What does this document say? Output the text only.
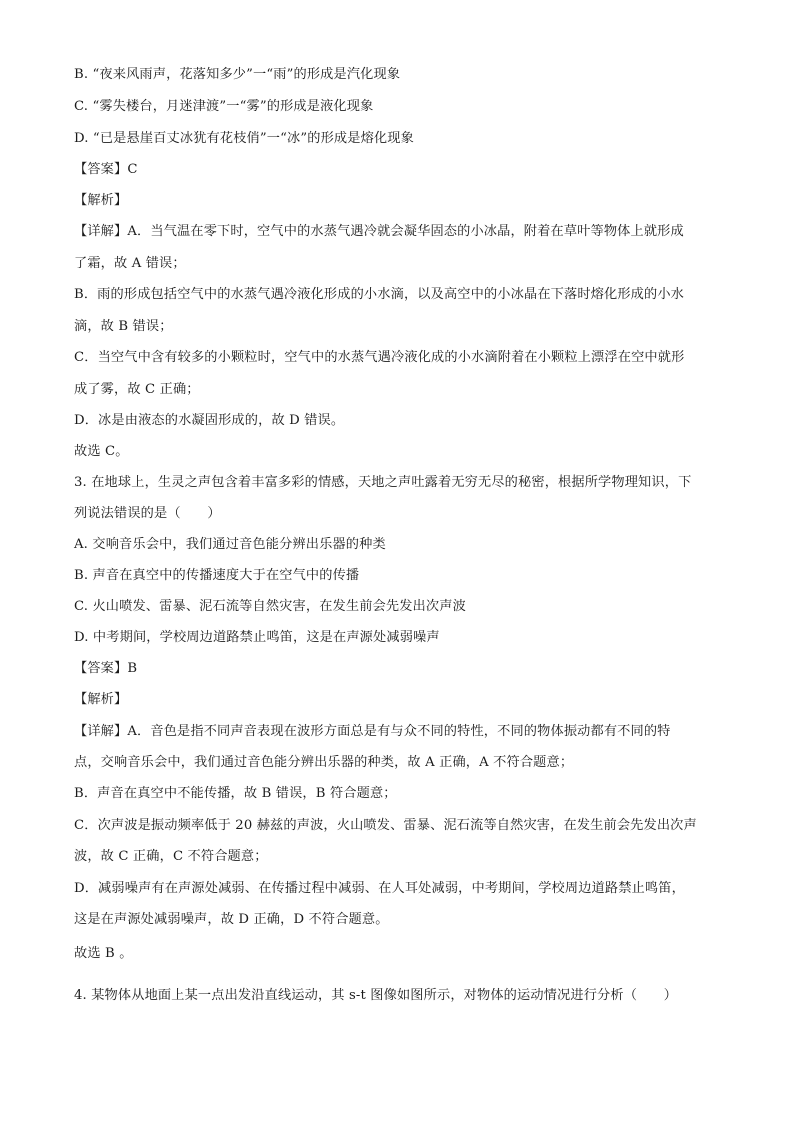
B. “夜来风雨声，花落知多少”一“雨”的形成是汽化现象
C. “雾失楼台，月迷津渡”一“雾”的形成是液化现象
D. “已是悬崖百丈冰犹有花枝俏”一“冰”的形成是熔化现象
【答案】C
【解析】
【详解】A．当气温在零下时，空气中的水蒸气遇冷就会凝华固态的小冰晶，附着在草叶等物体上就形成
了霜，故 A 错误；
B．雨的形成包括空气中的水蒸气遇冷液化形成的小水滴，以及高空中的小冰晶在下落时熔化形成的小水
滴，故 B 错误；
C．当空气中含有较多的小颗粒时，空气中的水蒸气遇冷液化成的小水滴附着在小颗粒上漂浮在空中就形
成了雾，故 C 正确；
D．冰是由液态的水凝固形成的，故 D 错误。
故选 C。
3. 在地球上，生灵之声包含着丰富多彩的情感，天地之声吐露着无穷无尽的秘密，根据所学物理知识，下
列说法错误的是（　　）
A. 交响音乐会中，我们通过音色能分辨出乐器的种类
B. 声音在真空中的传播速度大于在空气中的传播
C. 火山喷发、雷暴、泥石流等自然灾害，在发生前会先发出次声波
D. 中考期间，学校周边道路禁止鸣笛，这是在声源处减弱噪声
【答案】B
【解析】
【详解】A．音色是指不同声音表现在波形方面总是有与众不同的特性，不同的物体振动都有不同的特
点，交响音乐会中，我们通过音色能分辨出乐器的种类，故 A 正确，A 不符合题意；
B．声音在真空中不能传播，故 B 错误，B 符合题意；
C．次声波是振动频率低于 20 赫兹的声波，火山喷发、雷暴、泥石流等自然灾害，在发生前会先发出次声
波，故 C 正确，C 不符合题意；
D．减弱噪声有在声源处减弱、在传播过程中减弱、在人耳处减弱，中考期间，学校周边道路禁止鸣笛，
这是在声源处减弱噪声，故 D 正确，D 不符合题意。
故选 B 。
4. 某物体从地面上某一点出发沿直线运动，其 s-t 图像如图所示，对物体的运动情况进行分析（　　）
